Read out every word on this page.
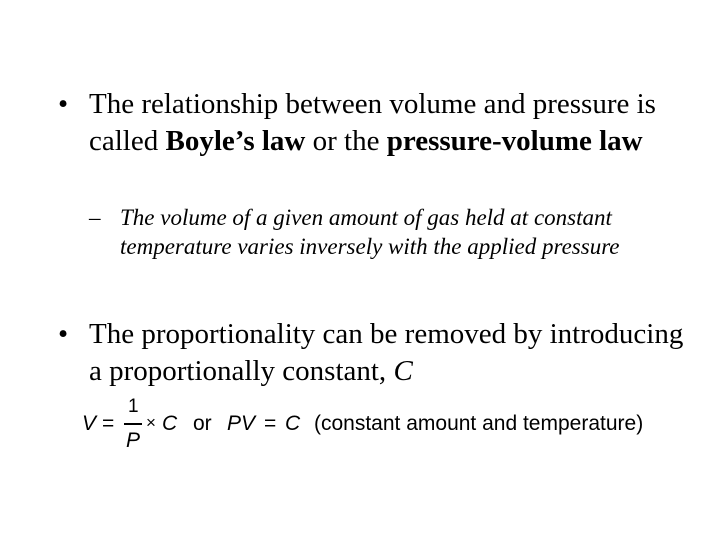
• The relationship between volume and pressure is called Boyle’s law or the pressure-volume law
– The volume of a given amount of gas held at constant temperature varies inversely with the applied pressure
• The proportionality can be removed by introducing a proportionally constant, C
V =
1
P
× C or PV = C (constant amount and temperature)
